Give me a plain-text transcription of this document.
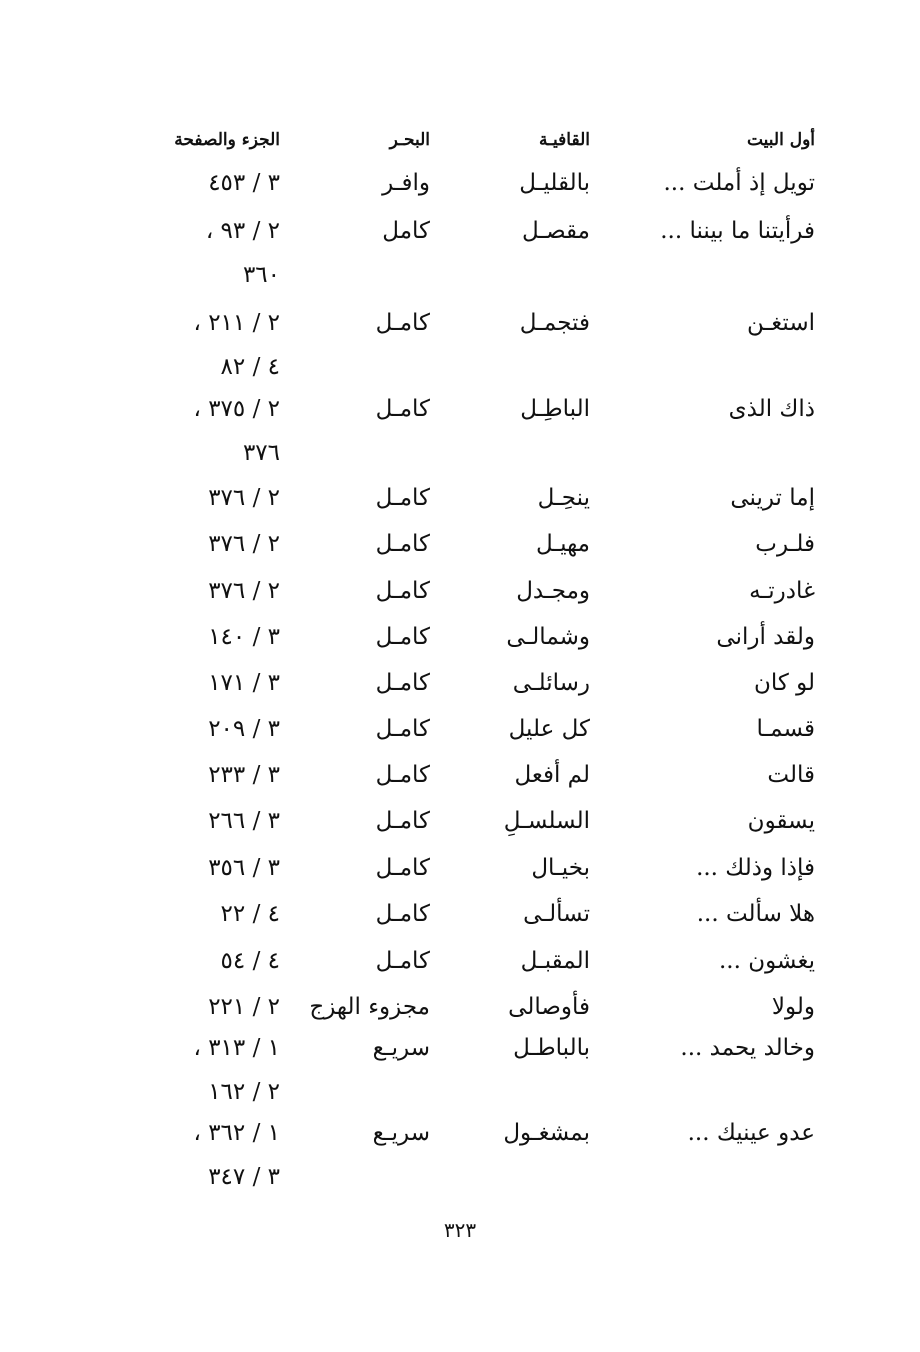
أول البيت
القافيـة
البحـر
الجزء والصفحة
تويل إذ أملت ...
بالقليـل
وافـر
٣ / ٤٥٣
فرأيتنا ما بيننا ...
مقصـل
كامل
٢ / ٩٣ ،
٣٦٠
استغـن
فتجمـل
كامـل
٢ / ٢١١ ،
٤ / ٨٢
ذاك الذى
الباطِـل
كامـل
٢ / ٣٧٥ ،
٣٧٦
إما ترينى
ينحِـل
كامـل
٢ / ٣٧٦
فلـرب
مهيـل
كامـل
٢ / ٣٧٦
غادرتـه
ومجـدل
كامـل
٢ / ٣٧٦
ولقد أرانى
وشمالـى
كامـل
٣ / ١٤٠
لو كان
رسائلـى
كامـل
٣ / ١٧١
قسمـا
كل عليل
كامـل
٣ / ٢٠٩
قالت
لم أفعل
كامـل
٣ / ٢٣٣
يسقون
السلسـلِ
كامـل
٣ / ٢٦٦
فإذا وذلك ...
بخيـال
كامـل
٣ / ٣٥٦
هلا سألت ...
تسألـى
كامـل
٤ / ٢٢
يغشون ...
المقبـل
كامـل
٤ / ٥٤
ولولا
فأوصالى
مجزوء الهزج
٢ / ٢٢١
وخالد يحمد ...
بالباطـل
سريـع
١ / ٣١٣ ،
٢ / ١٦٢
عدو عينيك ...
بمشغـول
سريـع
١ / ٣٦٢ ،
٣ / ٣٤٧
٣٢٣
